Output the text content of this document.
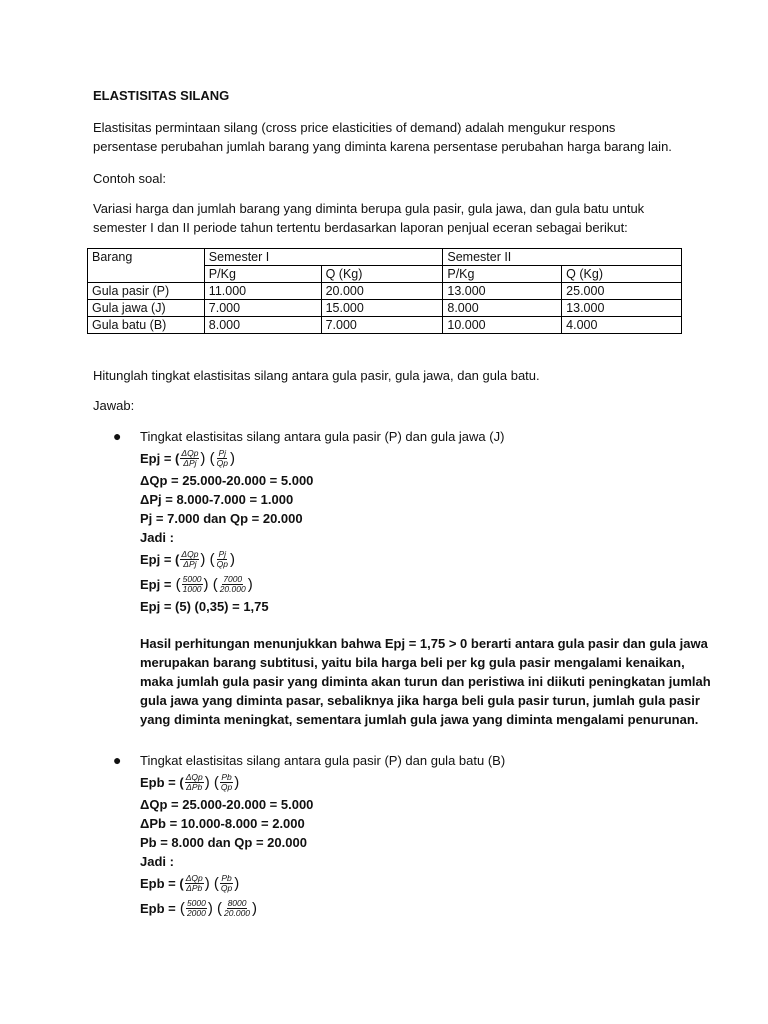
ELASTISITAS SILANG
Elastisitas permintaan silang (cross price elasticities of demand) adalah mengukur respons
persentase perubahan jumlah barang yang diminta karena persentase perubahan harga barang lain.
Contoh soal:
Variasi harga dan jumlah barang yang diminta berupa gula pasir, gula jawa, dan gula batu untuk
semester I dan II periode tahun tertentu berdasarkan laporan penjual eceran sebagai berikut:
Barang	Semester I		Semester II	
	P/Kg	Q (Kg)	P/Kg	Q (Kg)
Gula pasir (P)	11.000	20.000	13.000	25.000
Gula jawa (J)	7.000	15.000	8.000	13.000
Gula batu (B)	8.000	7.000	10.000	4.000
Hitunglah tingkat elastisitas silang antara gula pasir, gula jawa, dan gula batu.
Jawab:
● Tingkat elastisitas silang antara gula pasir (P) dan gula jawa (J)
Epj = ( ΔQp
ΔPj ) ( $\frac{Pj}{Qp}$ )
ΔQp = 25.000-20.000 = 5.000
ΔPj = 8.000-7.000 = 1.000
Pj = 7.000 dan Qp = 20.000
Jadi :
Epj = ( ΔQp
ΔPj ) ( $\frac{Pj}{Qp}$ )
Epj = ( $\frac{5000}{1000}$ ) ( $\frac{7000}{20.000}$ )
Epj = (5) (0,35) = 1,75
Hasil perhitungan menunjukkan bahwa Epj = 1,75 > 0 berarti antara gula pasir dan gula jawa
merupakan barang subtitusi, yaitu bila harga beli per kg gula pasir mengalami kenaikan,
maka jumlah gula pasir yang diminta akan turun dan peristiwa ini diikuti peningkatan jumlah
gula jawa yang diminta pasar, sebaliknya jika harga beli gula pasir turun, jumlah gula pasir
yang diminta meningkat, sementara jumlah gula jawa yang diminta mengalami penurunan.
● Tingkat elastisitas silang antara gula pasir (P) dan gula batu (B)
Epb = ( ΔQp
ΔPb ) ( $\frac{Pb}{Qp}$ )
ΔQp = 25.000-20.000 = 5.000
ΔPb = 10.000-8.000 = 2.000
Pb = 8.000 dan Qp = 20.000
Jadi :
Epb = ( ΔQp
ΔPb ) ( $\frac{Pb}{Qp}$ )
Epb = ( $\frac{5000}{2000}$ ) ( $\frac{8000}{20.000}$ )
